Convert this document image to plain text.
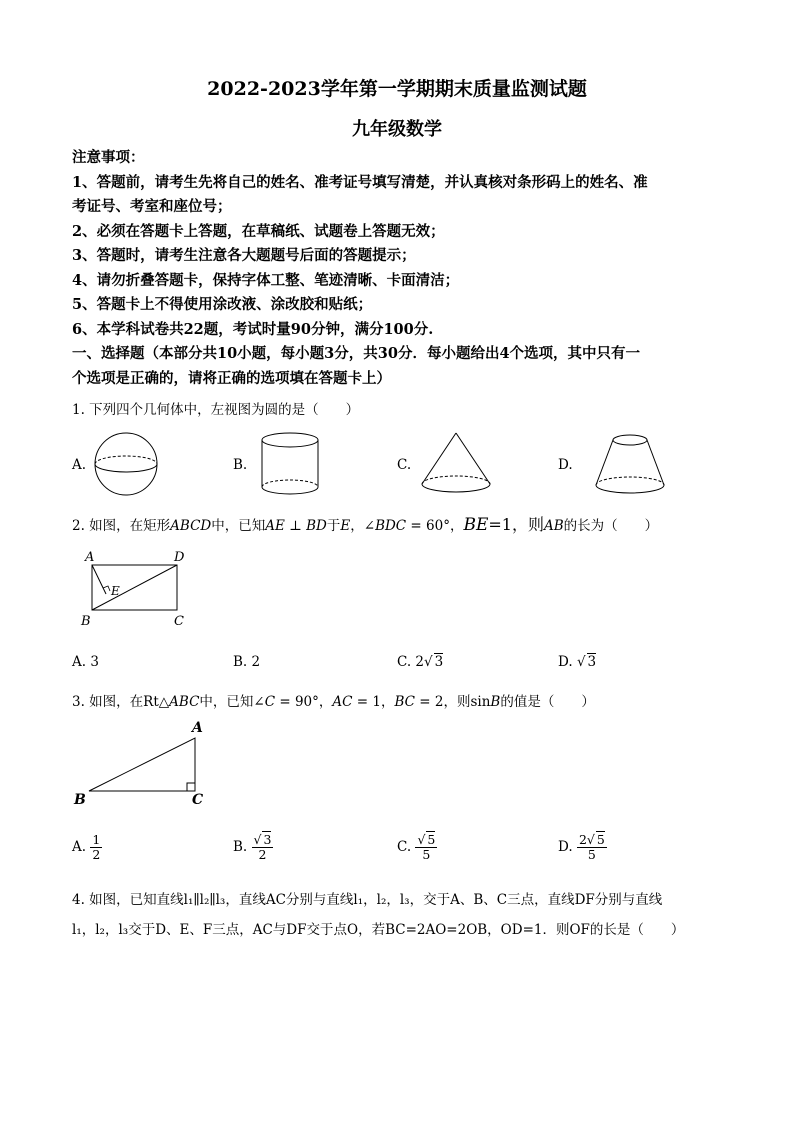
2022-2023学年第一学期期末质量监测试题
九年级数学
注意事项：
1、答题前，请考生先将自己的姓名、准考证号填写清楚，并认真核对条形码上的姓名、准
考证号、考室和座位号；
2、必须在答题卡上答题，在草稿纸、试题卷上答题无效；
3、答题时，请考生注意各大题题号后面的答题提示；
4、请勿折叠答题卡，保持字体工整、笔迹清晰、卡面清洁；
5、答题卡上不得使用涂改液、涂改胶和贴纸；
6、本学科试卷共22题，考试时量90分钟，满分100分.
一、选择题（本部分共10小题，每小题3分，共30分．每小题给出4个选项，其中只有一
个选项是正确的，请将正确的选项填在答题卡上）
1. 下列四个几何体中，左视图为圆的是（　　）
A.	B.	C.	D.
2. 如图，在矩形ABCD中，已知AE ⊥ BD于E，∠BDC = 60°，BE=1，则AB的长为（　　）
A	D
B	C
E
A. 3	B. 2	C. 2√ 3	D. √ 3
3. 如图，在Rt△ABC中，已知∠C = 90°，AC = 1，BC = 2，则sinB的值是（　　）
A
B	C
A. $\frac{1}{2}$	B. $\frac{√ 3}{2}$	C. $\frac{√ 5}{5}$	D. $\frac{2√ 5}{5}$
4. 如图，已知直线l₁∥l₂∥l₃，直线AC分别与直线l₁，l₂，l₃，交于A、B、C三点，直线DF分别与直线
l₁，l₂，l₃交于D、E、F三点，AC与DF交于点O，若BC=2AO=2OB，OD=1．则OF的长是（　　）
